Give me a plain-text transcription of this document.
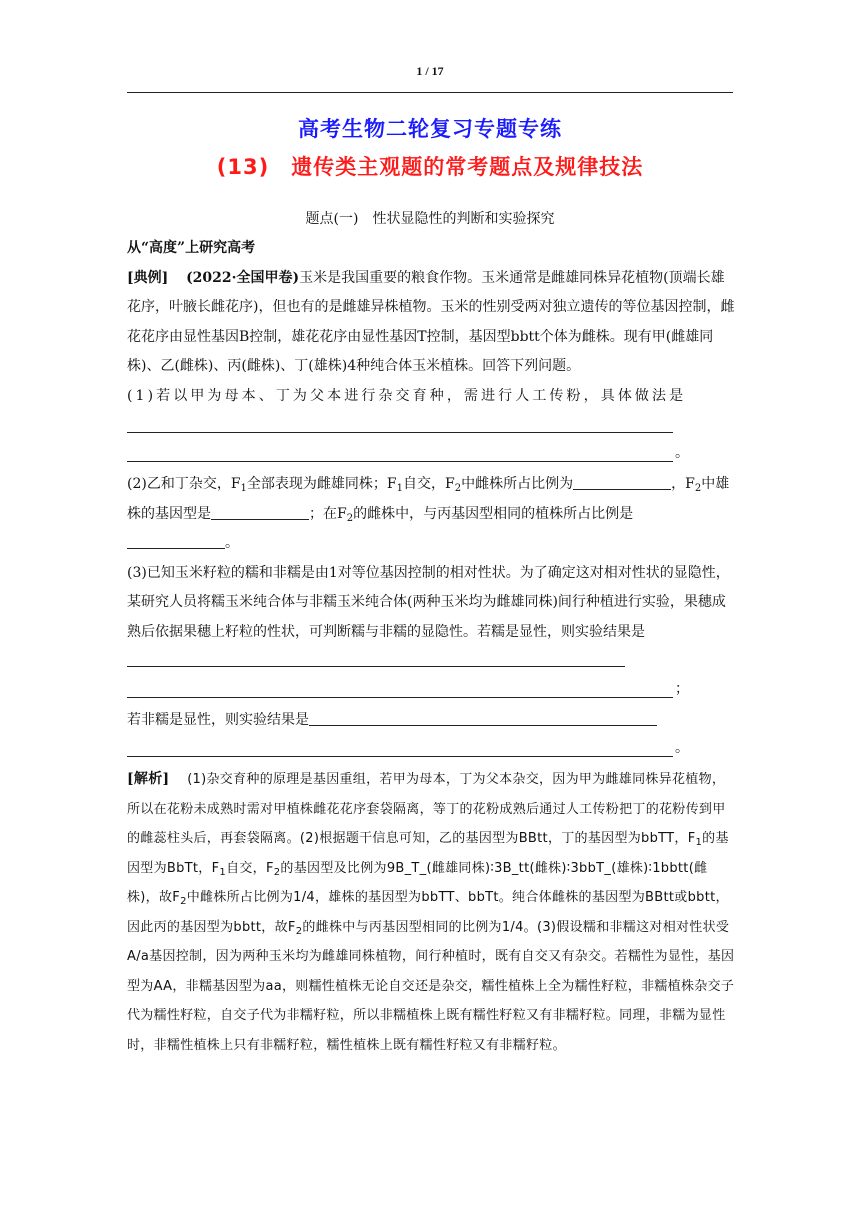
1 / 17
高考生物二轮复习专题专练
(13)　遗传类主观题的常考题点及规律技法
题点(一)　性状显隐性的判断和实验探究

从“高度”上研究高考

[典例] (2022·全国甲卷)玉米是我国重要的粮食作物。玉米通常是雌雄同株异花植物(顶端长雄花序，叶腋长雌花序)，但也有的是雌雄异株植物。玉米的性别受两对独立遗传的等位基因控制，雌花花序由显性基因B控制，雄花花序由显性基因T控制，基因型bbtt个体为雌株。现有甲(雌雄同株)、乙(雌株)、丙(雌株)、丁(雄株)4种纯合体玉米植株。回答下列问题。

(1)若以甲为母本、丁为父本进行杂交育种，需进行人工传粉，具体做法是

。

(2)乙和丁杂交，$F_1$全部表现为雌雄同株；$F_1$自交，$F_2$中雌株所占比例为	，$F_2$中雄株的基因型是	；在$F_2$的雌株中，与丙基因型相同的植株所占比例是
。

(3)已知玉米籽粒的糯和非糯是由1对等位基因控制的相对性状。为了确定这对相对性状的显隐性，某研究人员将糯玉米纯合体与非糯玉米纯合体(两种玉米均为雌雄同株)间行种植进行实验，果穗成熟后依据果穗上籽粒的性状，可判断糯与非糯的显隐性。若糯是显性，则实验结果是

；

若非糯是显性，则实验结果是

。

[解析] (1)杂交育种的原理是基因重组，若甲为母本，丁为父本杂交，因为甲为雌雄同株异花植物，所以在花粉未成熟时需对甲植株雌花花序套袋隔离，等丁的花粉成熟后通过人工传粉把丁的花粉传到甲的雌蕊柱头后，再套袋隔离。(2)根据题干信息可知，乙的基因型为BBtt，丁的基因型为bbTT，$F_1$的基因型为BbTt，$F_1$自交，$F_2$的基因型及比例为9B_T_(雌雄同株)∶3B_tt(雌株)∶3bbT_(雄株)∶1bbtt(雌株)，故$F_2$中雌株所占比例为1/4，雄株的基因型为bbTT、bbTt。纯合体雌株的基因型为BBtt或bbtt，因此丙的基因型为bbtt，故$F_2$的雌株中与丙基因型相同的比例为1/4。(3)假设糯和非糯这对相对性状受A/a基因控制，因为两种玉米均为雌雄同株植物，间行种植时，既有自交又有杂交。若糯性为显性，基因型为AA，非糯基因型为aa，则糯性植株无论自交还是杂交，糯性植株上全为糯性籽粒，非糯植株杂交子代为糯性籽粒，自交子代为非糯籽粒，所以非糯植株上既有糯性籽粒又有非糯籽粒。同理，非糯为显性时，非糯性植株上只有非糯籽粒，糯性植株上既有糯性籽粒又有非糯籽粒。
